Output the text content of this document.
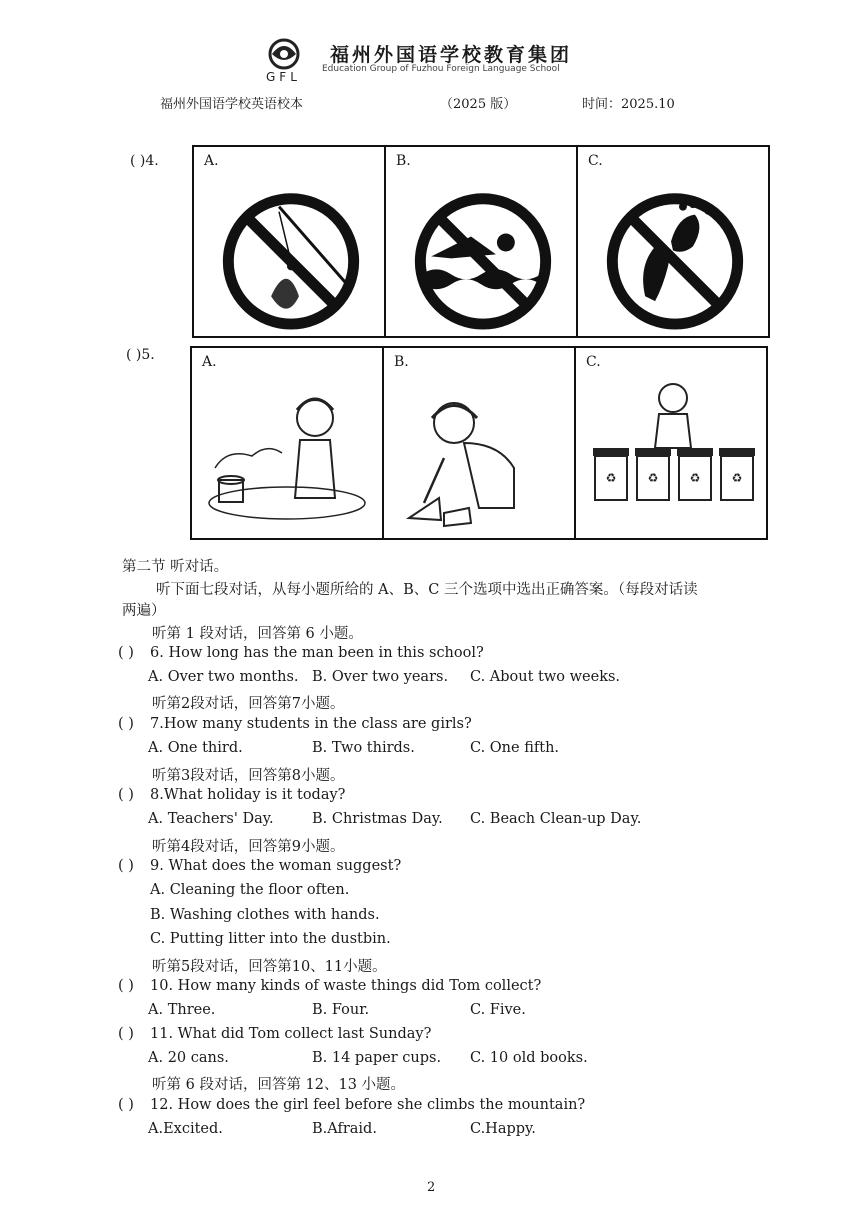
GFL
福州外国语学校教育集团
Education Group of Fuzhou Foreign Language School
福州外国语学校英语校本	（2025 版）	时间：2025.10
( )4.	A.	B.	C.
( )5.	A.	B.	C.
♻	♻	♻	♻
第二节 听对话。
听下面七段对话，从每小题所给的 A、B、C 三个选项中选出正确答案。（每段对话读
两遍）
听第 1 段对话，回答第 6 小题。
( ) 6. How long has the man been in this school?
A. Over two months. B. Over two years. C. About two weeks.
听第2段对话，回答第7小题。
( ) 7.How many students in the class are girls?
A. One third.	B. Two thirds.	C. One fifth.
听第3段对话，回答第8小题。
( ) 8.What holiday is it today?
A. Teachers' Day.	B. Christmas Day. C. Beach Clean-up Day.
听第4段对话，回答第9小题。
( ) 9. What does the woman suggest?
A. Cleaning the floor often.
B. Washing clothes with hands.
C. Putting litter into the dustbin.
听第5段对话，回答第10、11小题。
( ) 10. How many kinds of waste things did Tom collect?
A. Three.	B. Four.	C. Five.
( ) 11. What did Tom collect last Sunday?
A. 20 cans.	B. 14 paper cups. C. 10 old books.
听第 6 段对话，回答第 12、13 小题。
( ) 12. How does the girl feel before she climbs the mountain?
A.Excited.	B.Afraid.	C.Happy.
2
